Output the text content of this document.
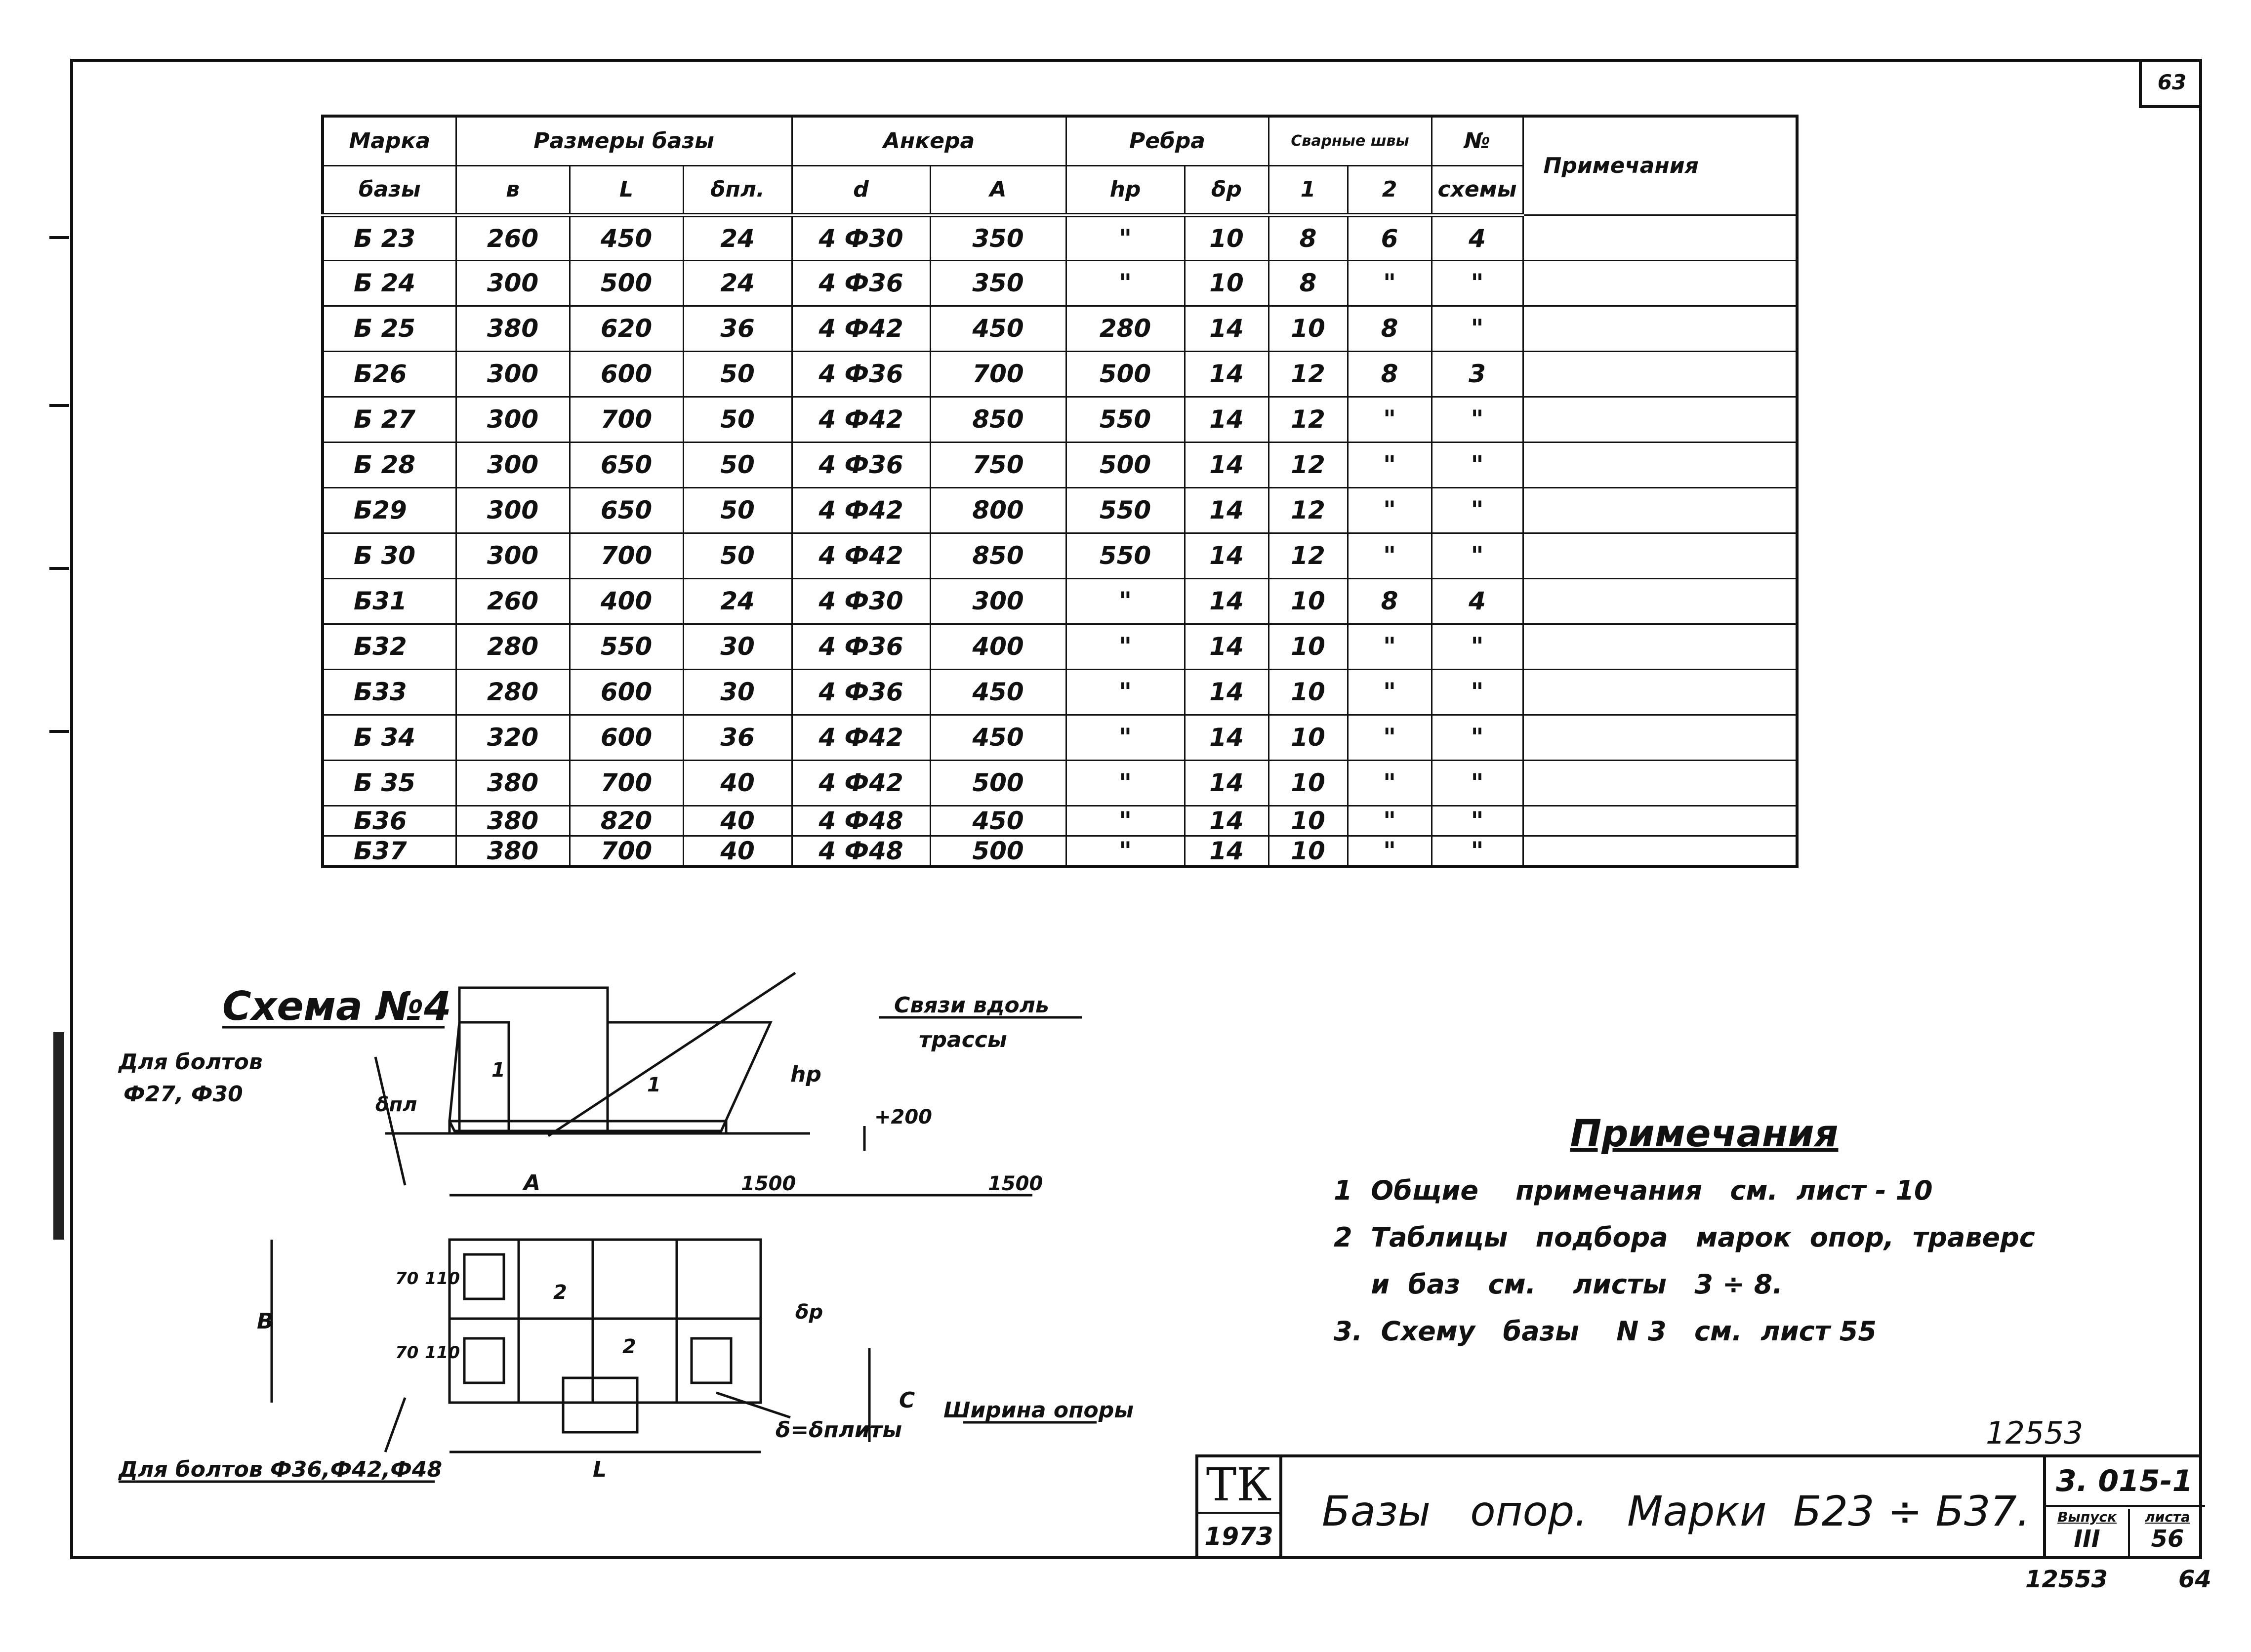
63
Марка	Размеры базы			Анкера		Ребра		Сварные швы		№	Примечания
базы	в	L	δпл.	d	A	hp	δp	1	2	схемы	
Б 23	260	450	24	4 Ф30	350	"	10	8	6	4	
Б 24	300	500	24	4 Ф36	350	"	10	8	"	"	
Б 25	380	620	36	4 Ф42	450	280	14	10	8	"	
Б26	300	600	50	4 Ф36	700	500	14	12	8	3	
Б 27	300	700	50	4 Ф42	850	550	14	12	"	"	
Б 28	300	650	50	4 Ф36	750	500	14	12	"	"	
Б29	300	650	50	4 Ф42	800	550	14	12	"	"	
Б 30	300	700	50	4 Ф42	850	550	14	12	"	"	
Б31	260	400	24	4 Ф30	300	"	14	10	8	4	
Б32	280	550	30	4 Ф36	400	"	14	10	"	"	
Б33	280	600	30	4 Ф36	450	"	14	10	"	"	
Б 34	320	600	36	4 Ф42	450	"	14	10	"	"	
Б 35	380	700	40	4 Ф42	500	"	14	10	"	"	
Б36	380	820	40	4 Ф48	450	"	14	10	"	"	
Б37	380	700	40	4 Ф48	500	"	14	10	"	"	
Схема №4
Для болтов
Ф27, Ф30
Для болтов Ф36,Ф42,Ф48
Связи вдоль
трассы
+200
1500	1500
A
L
B
C
hp
δпл
δp
110
110
70
70
1
1
2
2
δ=δплиты
Ширина опоры
Примечания
1  Общие    примечания   см.  лист - 10
2  Таблицы   подбора   марок  опор,  траверс
и  баз   см.    листы   3 ÷ 8.
3.  Схему   базы    N 3   см.  лист 55
12553
ТК
1973
Базы   опор.   Марки  Б23 ÷ Б37.
3. 015-1
Выпуск
III
листа
56
12553	64
